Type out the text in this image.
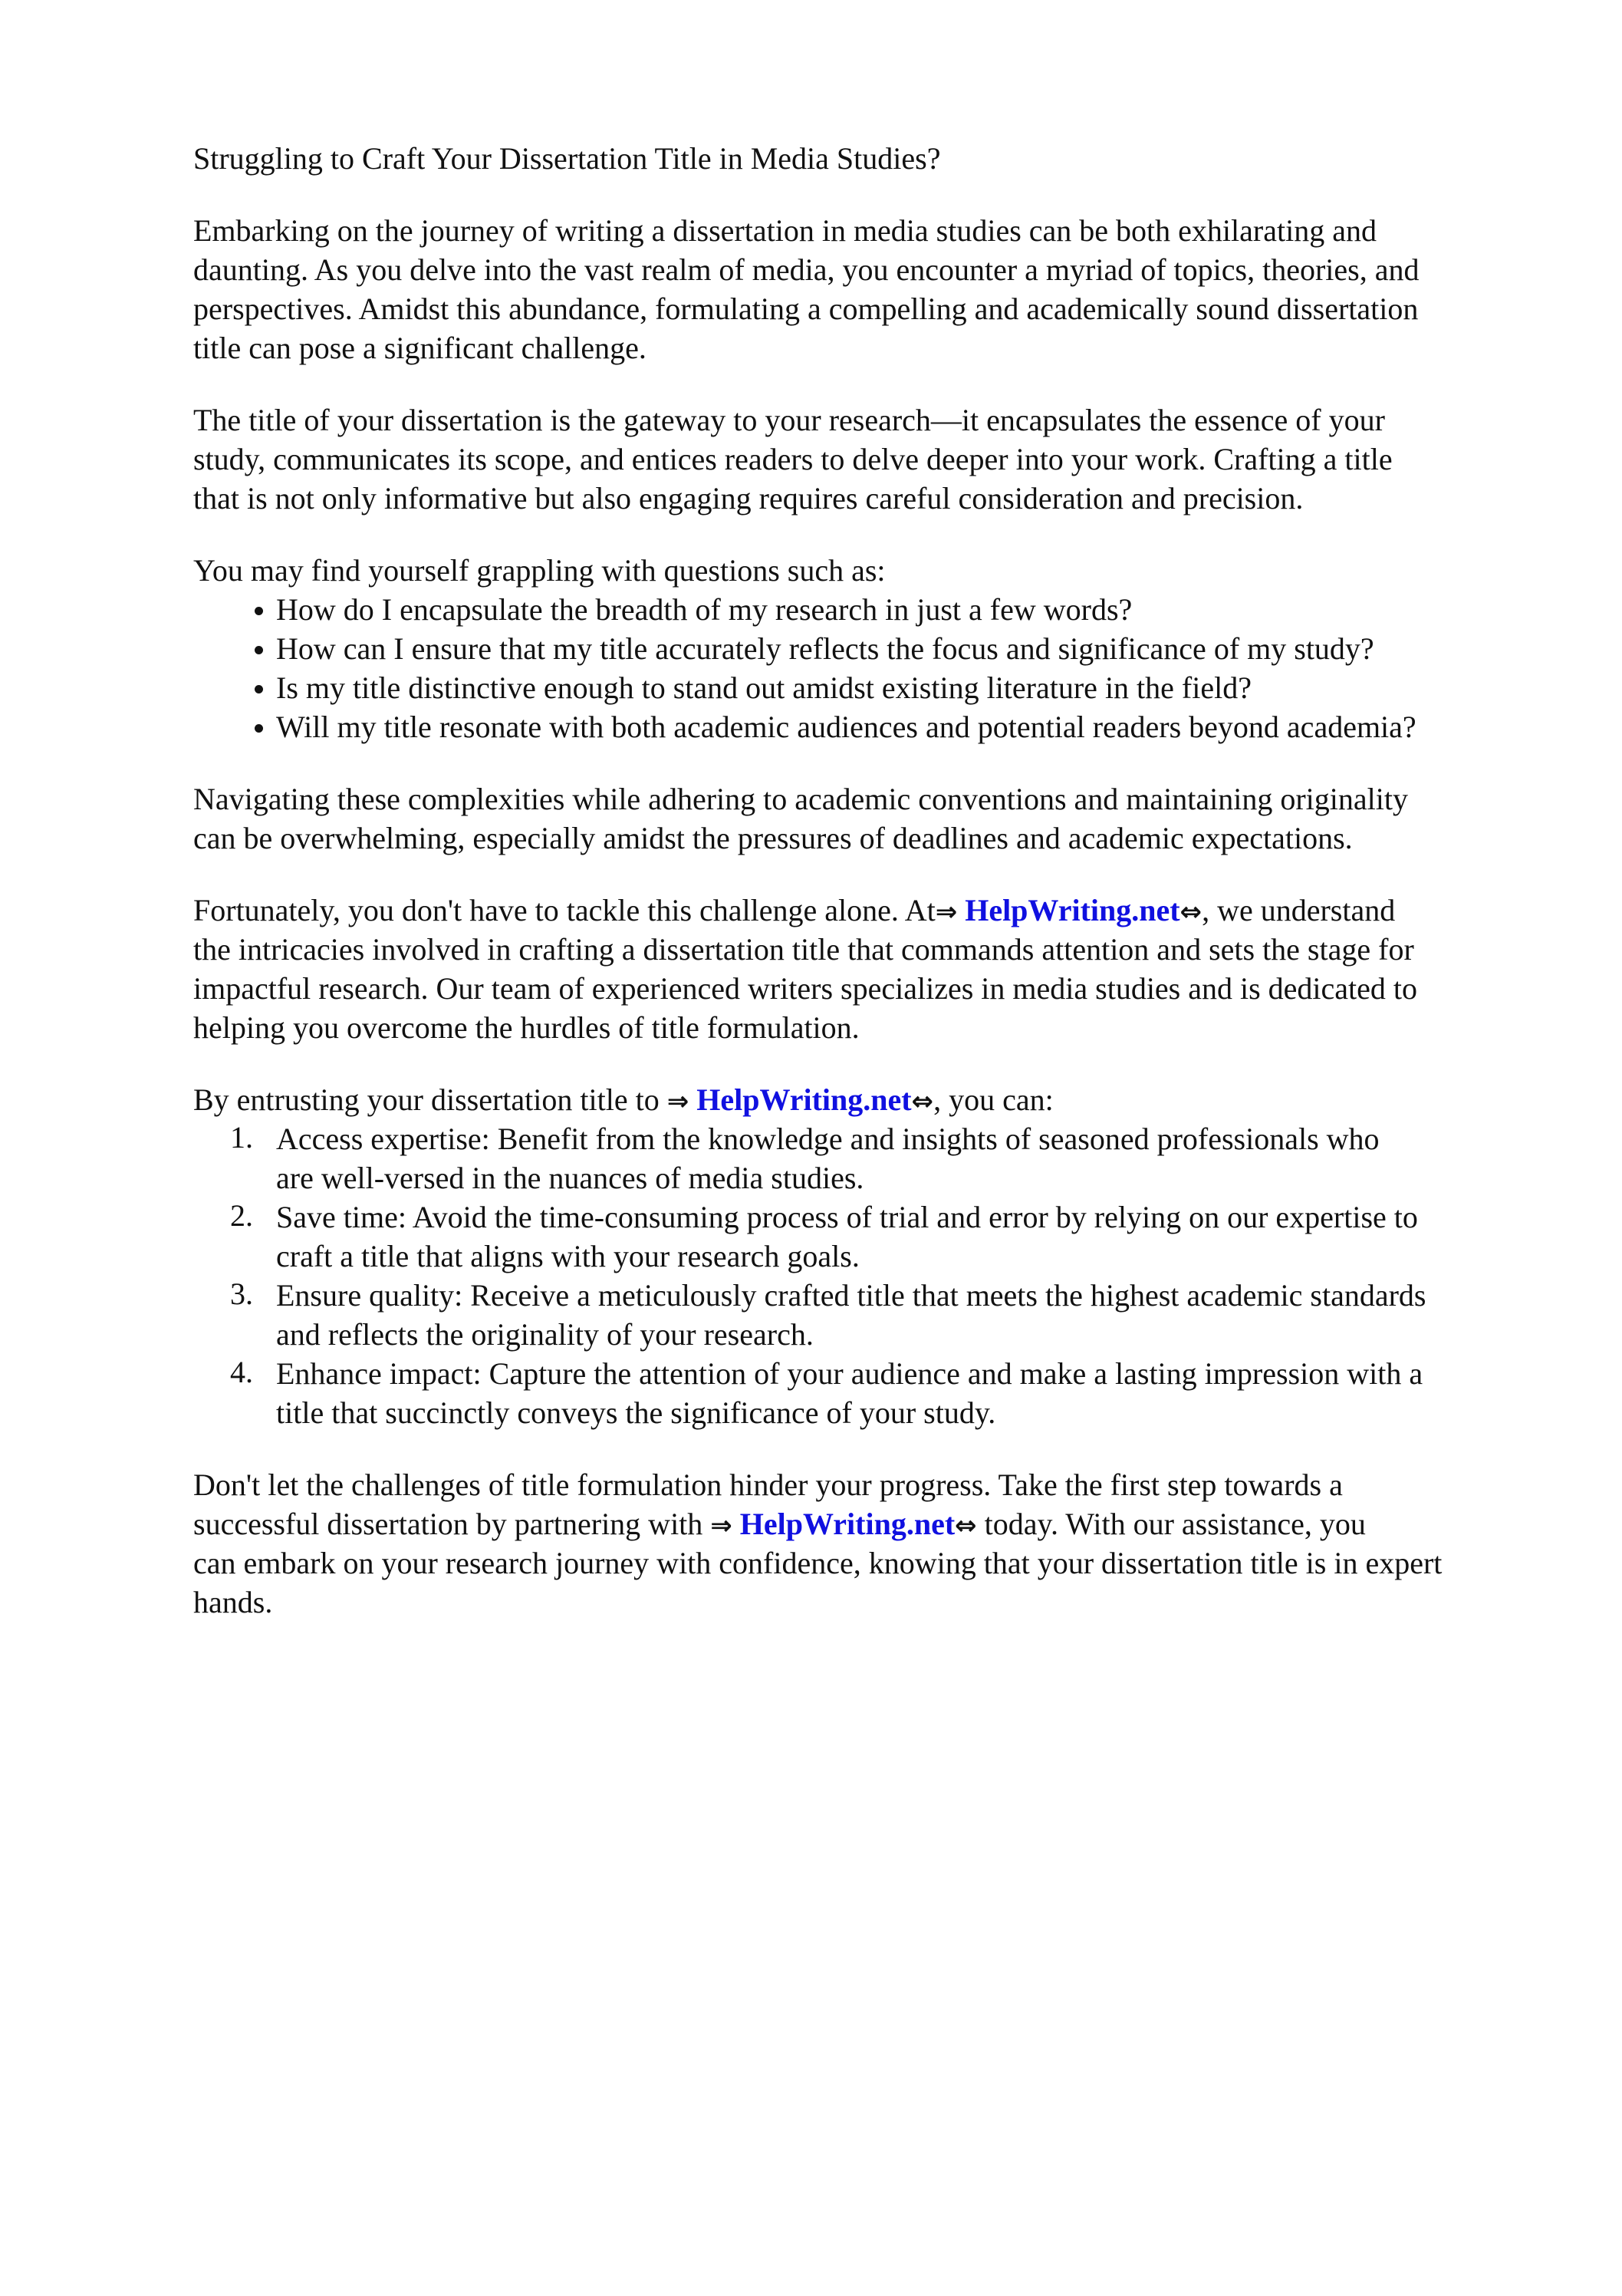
Struggling to Craft Your Dissertation Title in Media Studies?
Embarking on the journey of writing a dissertation in media studies can be both exhilarating and
daunting. As you delve into the vast realm of media, you encounter a myriad of topics, theories, and
perspectives. Amidst this abundance, formulating a compelling and academically sound dissertation
title can pose a significant challenge.
The title of your dissertation is the gateway to your research—it encapsulates the essence of your
study, communicates its scope, and entices readers to delve deeper into your work. Crafting a title
that is not only informative but also engaging requires careful consideration and precision.
You may find yourself grappling with questions such as:
How do I encapsulate the breadth of my research in just a few words?
How can I ensure that my title accurately reflects the focus and significance of my study?
Is my title distinctive enough to stand out amidst existing literature in the field?
Will my title resonate with both academic audiences and potential readers beyond academia?
Navigating these complexities while adhering to academic conventions and maintaining originality
can be overwhelming, especially amidst the pressures of deadlines and academic expectations.
Fortunately, you don't have to tackle this challenge alone. At⇒ HelpWriting.net⇔, we understand
the intricacies involved in crafting a dissertation title that commands attention and sets the stage for
impactful research. Our team of experienced writers specializes in media studies and is dedicated to
helping you overcome the hurdles of title formulation.
By entrusting your dissertation title to ⇒ HelpWriting.net⇔, you can:
1. Access expertise: Benefit from the knowledge and insights of seasoned professionals who
are well-versed in the nuances of media studies.
2. Save time: Avoid the time-consuming process of trial and error by relying on our expertise to
craft a title that aligns with your research goals.
3. Ensure quality: Receive a meticulously crafted title that meets the highest academic standards
and reflects the originality of your research.
4. Enhance impact: Capture the attention of your audience and make a lasting impression with a
title that succinctly conveys the significance of your study.
Don't let the challenges of title formulation hinder your progress. Take the first step towards a
successful dissertation by partnering with ⇒ HelpWriting.net⇔ today. With our assistance, you
can embark on your research journey with confidence, knowing that your dissertation title is in expert
hands.
